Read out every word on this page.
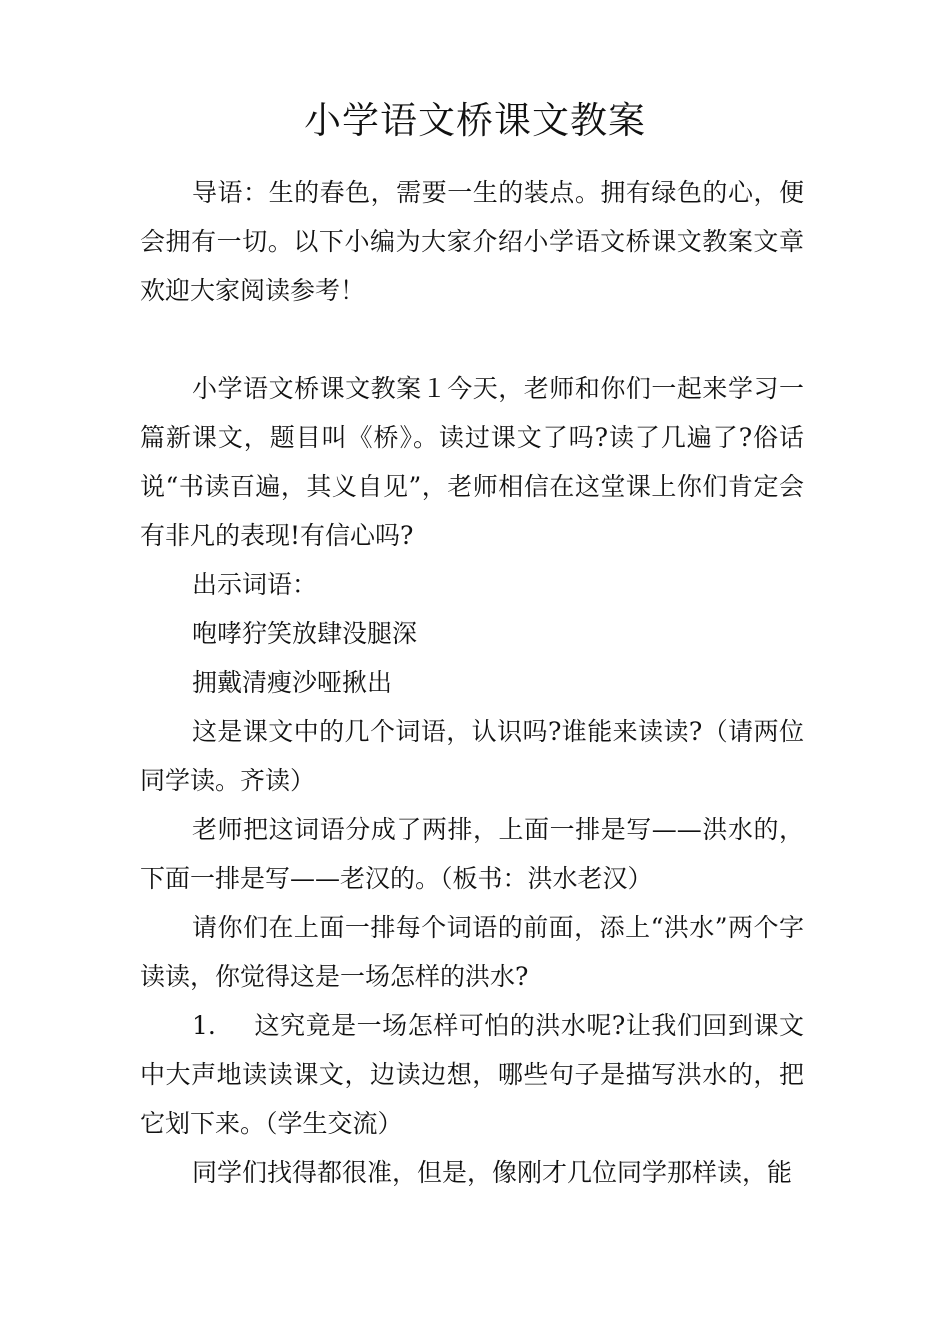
小学语文桥课文教案

导语：生的春色，需要一生的装点。拥有绿色的心，便会拥有一切。以下小编为大家介绍小学语文桥课文教案文章欢迎大家阅读参考！

小学语文桥课文教案１今天，老师和你们一起来学习一篇新课文，题目叫《桥》。读过课文了吗?读了几遍了?俗话说“书读百遍，其义自见”，老师相信在这堂课上你们肯定会有非凡的表现!有信心吗?

出示词语：

咆哮狞笑放肆没腿深

拥戴清瘦沙哑揪出

这是课文中的几个词语，认识吗?谁能来读读?（请两位同学读。齐读）

老师把这词语分成了两排，上面一排是写——洪水的，下面一排是写——老汉的。（板书：洪水老汉）

请你们在上面一排每个词语的前面，添上“洪水”两个字读读，你觉得这是一场怎样的洪水?

1. 这究竟是一场怎样可怕的洪水呢?让我们回到课文中大声地读读课文，边读边想，哪些句子是描写洪水的，把它划下来。（学生交流）

同学们找得都很准，但是，像刚才几位同学那样读，能
